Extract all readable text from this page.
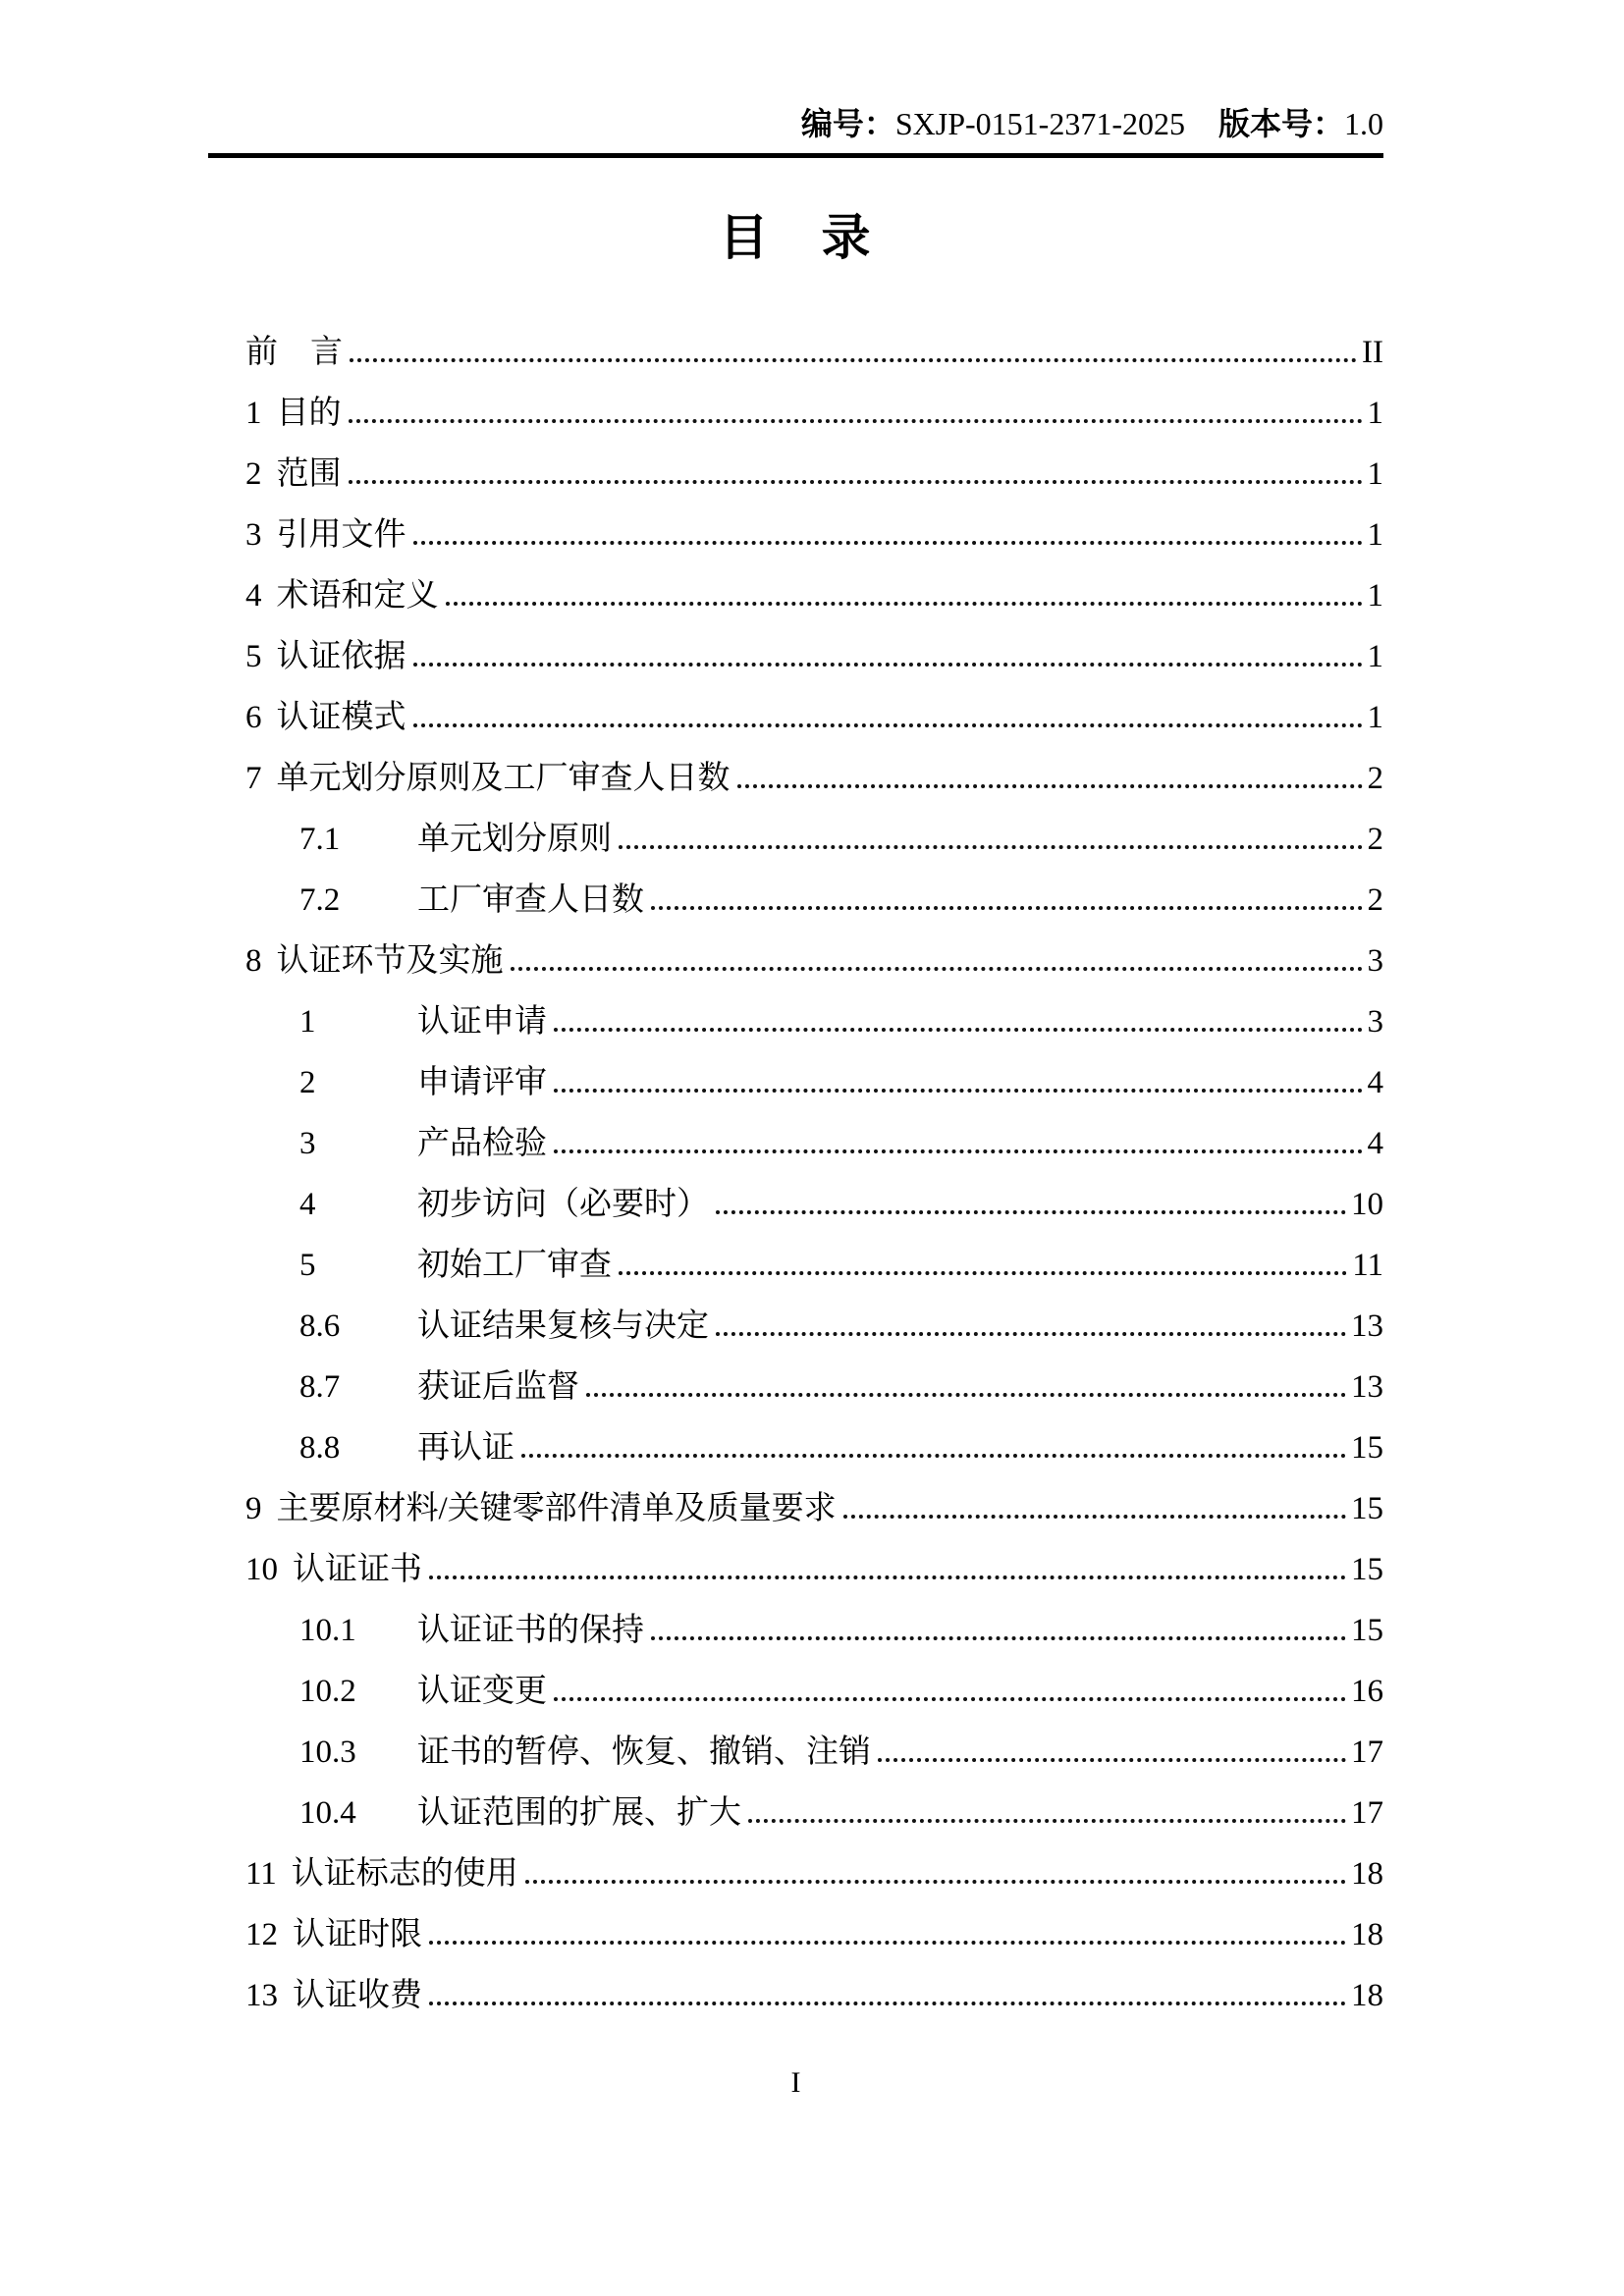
编号：SXJP-0151-2371-2025 版本号：1.0
目　录
前　言	II
1 目的	1
2 范围	1
3 引用文件	1
4 术语和定义	1
5 认证依据	1
6 认证模式	1
7 单元划分原则及工厂审查人日数	2
7.1	单元划分原则	2
7.2	工厂审查人日数	2
8 认证环节及实施	3
1	认证申请	3
2	申请评审	4
3	产品检验	4
4	初步访问（必要时）	10
5	初始工厂审查	11
8.6	认证结果复核与决定	13
8.7	获证后监督	13
8.8	再认证	15
9 主要原材料/关键零部件清单及质量要求	15
10 认证证书	15
10.1	认证证书的保持	15
10.2	认证变更	16
10.3	证书的暂停、恢复、撤销、注销	17
10.4	认证范围的扩展、扩大	17
11 认证标志的使用	18
12 认证时限	18
13 认证收费	18
I
